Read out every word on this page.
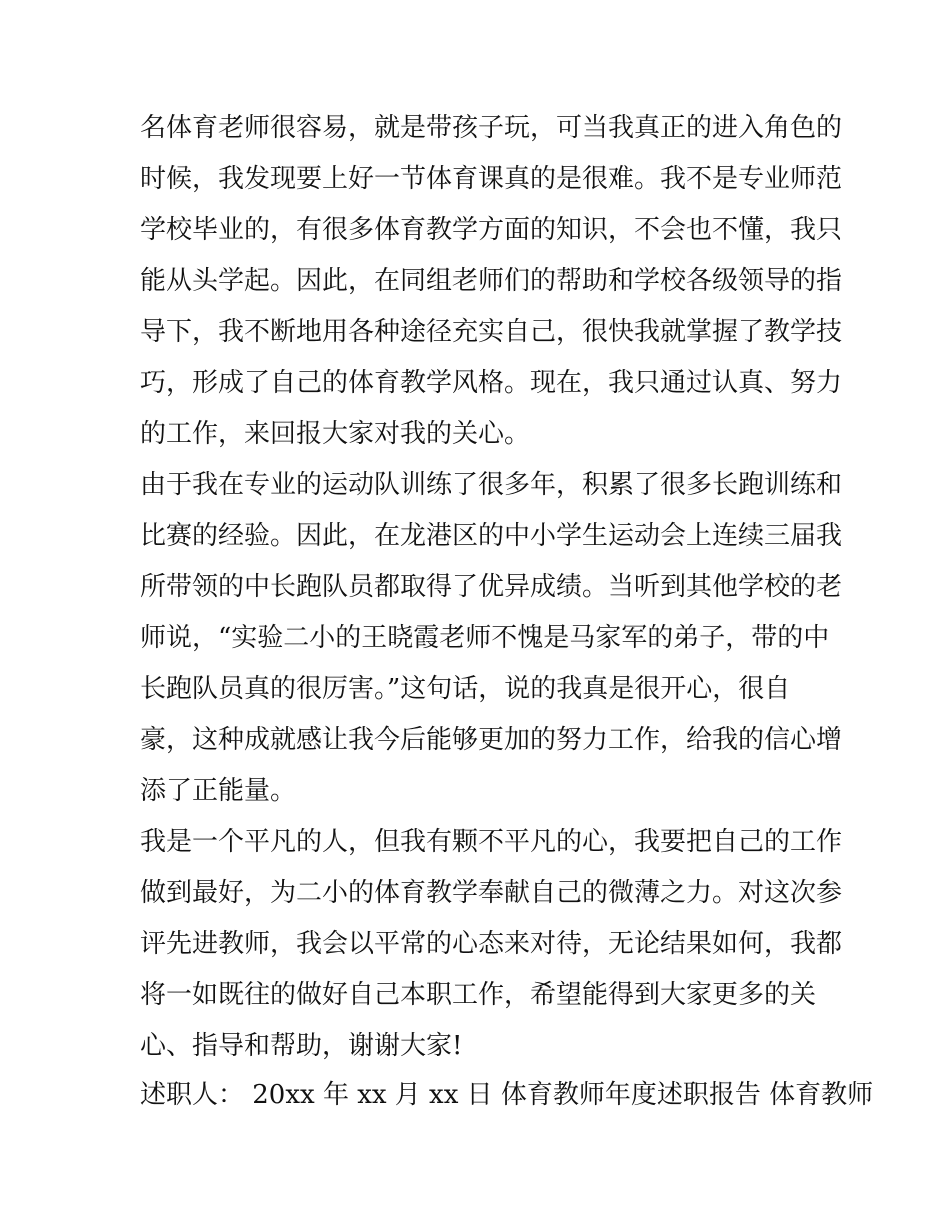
名体育老师很容易，就是带孩子玩，可当我真正的进入角色的
时候，我发现要上好一节体育课真的是很难。我不是专业师范
学校毕业的，有很多体育教学方面的知识，不会也不懂，我只
能从头学起。因此，在同组老师们的帮助和学校各级领导的指
导下，我不断地用各种途径充实自己，很快我就掌握了教学技
巧，形成了自己的体育教学风格。现在，我只通过认真、努力
的工作，来回报大家对我的关心。
由于我在专业的运动队训练了很多年，积累了很多长跑训练和
比赛的经验。因此，在龙港区的中小学生运动会上连续三届我
所带领的中长跑队员都取得了优异成绩。当听到其他学校的老
师说，“实验二小的王晓霞老师不愧是马家军的弟子，带的中
长跑队员真的很厉害。”这句话，说的我真是很开心，很自
豪，这种成就感让我今后能够更加的努力工作，给我的信心增
添了正能量。
我是一个平凡的人，但我有颗不平凡的心，我要把自己的工作
做到最好，为二小的体育教学奉献自己的微薄之力。对这次参
评先进教师，我会以平常的心态来对待，无论结果如何，我都
将一如既往的做好自己本职工作，希望能得到大家更多的关
心、指导和帮助，谢谢大家!
述职人： 20xx 年 xx 月 xx 日 体育教师年度述职报告 体育教师
